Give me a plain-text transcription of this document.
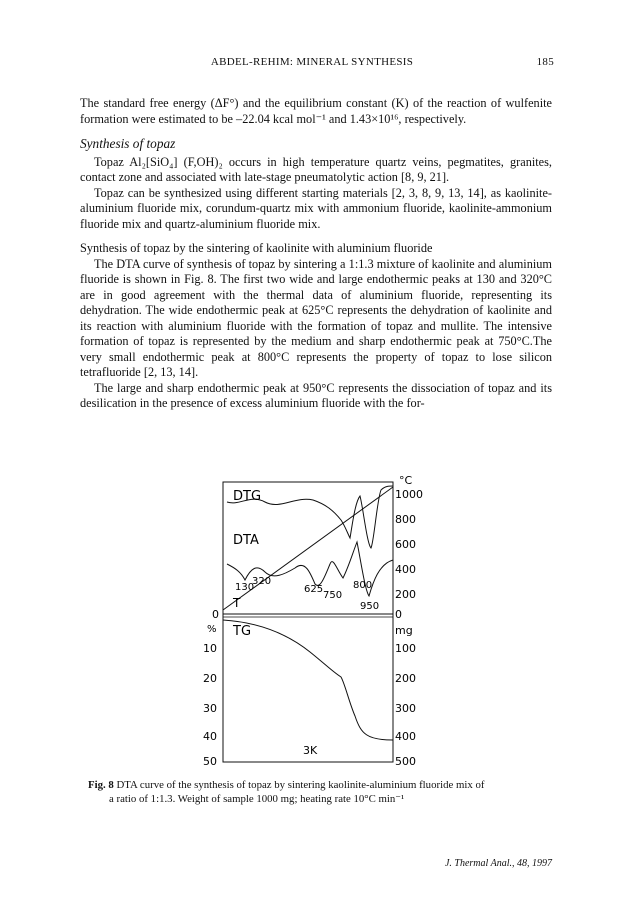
ABDEL-REHIM: MINERAL SYNTHESIS	185

The standard free energy (ΔF°) and the equilibrium constant (K) of the reaction of wulfenite formation were estimated to be –22.04 kcal mol⁻¹ and 1.43×10¹⁶, respectively.

Synthesis of topaz

Topaz Al₂[SiO₄] (F,OH)₂ occurs in high temperature quartz veins, pegmatites, granites, contact zone and associated with late-stage pneumatolytic action [8, 9, 21].

Topaz can be synthesized using different starting materials [2, 3, 8, 9, 13, 14], as kaolinite-aluminium fluoride mix, corundum-quartz mix with ammonium fluoride, kaolinite-ammonium fluoride mix and quartz-aluminium fluoride mix.

Synthesis of topaz by the sintering of kaolinite with aluminium fluoride

The DTA curve of synthesis of topaz by sintering a 1:1.3 mixture of kaolinite and aluminium fluoride is shown in Fig. 8. The first two wide and large endothermic peaks at 130 and 320°C are in good agreement with the thermal data of aluminium fluoride, representing its dehydration. The wide endothermic peak at 625°C represents the dehydration of kaolinite and its reaction with aluminium fluoride with the formation of topaz and mullite. The intensive formation of topaz is represented by the medium and sharp endothermic peak at 750°C.The very small endothermic peak at 800°C represents the property of topaz to lose silicon tetrafluoride [2, 13, 14].

The large and sharp endothermic peak at 950°C represents the dissociation of topaz and its desilication in the presence of excess aluminium fluoride with the for-

DTG
DTA
TG
T
3K
130
320
625
750
800
950
°C
1000
800
600
400
200
0
mg
100
200
300
400
500
0
%
10
20
30
40
50
Fig. 8 DTA curve of the synthesis of topaz by sintering kaolinite-aluminium fluoride mix of
a ratio of 1:1.3. Weight of sample 1000 mg; heating rate 10°C min⁻¹
J. Thermal Anal., 48, 1997
